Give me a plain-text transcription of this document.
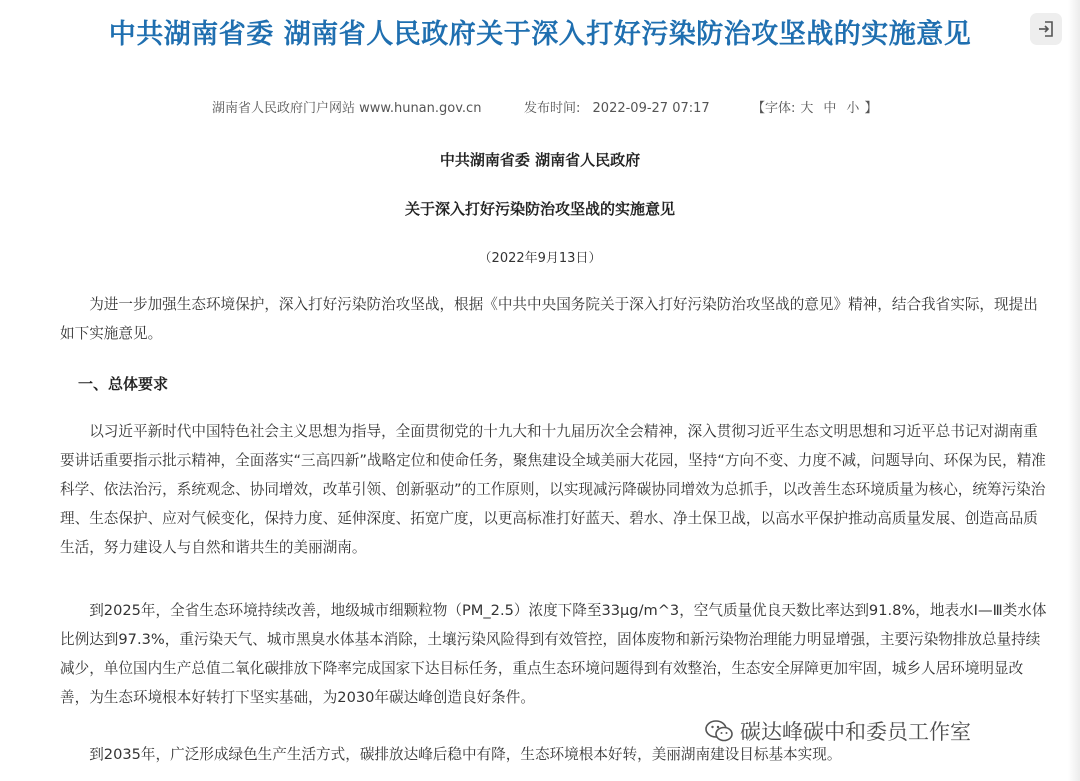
中共湖南省委 湖南省人民政府关于深入打好污染防治攻坚战的实施意见
湖南省人民政府门户网站 www.hunan.gov.cn	发布时间: 2022-09-27 07:17	【字体: 大 中 小 】
中共湖南省委 湖南省人民政府
关于深入打好污染防治攻坚战的实施意见
（2022年9月13日）

为进一步加强生态环境保护，深入打好污染防治攻坚战，根据《中共中央国务院关于深入打好污染防治攻坚战的意见》精神，结合我省实际，现提出如下实施意见。

一、总体要求

以习近平新时代中国特色社会主义思想为指导，全面贯彻党的十九大和十九届历次全会精神，深入贯彻习近平生态文明思想和习近平总书记对湖南重要讲话重要指示批示精神，全面落实“三高四新”战略定位和使命任务，聚焦建设全域美丽大花园，坚持“方向不变、力度不减，问题导向、环保为民，精准科学、依法治污，系统观念、协同增效，改革引领、创新驱动”的工作原则，以实现减污降碳协同增效为总抓手，以改善生态环境质量为核心，统筹污染治理、生态保护、应对气候变化，保持力度、延伸深度、拓宽广度，以更高标准打好蓝天、碧水、净土保卫战，以高水平保护推动高质量发展、创造高品质生活，努力建设人与自然和谐共生的美丽湖南。

到2025年，全省生态环境持续改善，地级城市细颗粒物（PM_2.5）浓度下降至33μg/m^3，空气质量优良天数比率达到91.8%，地表水Ⅰ—Ⅲ类水体比例达到97.3%，重污染天气、城市黑臭水体基本消除，土壤污染风险得到有效管控，固体废物和新污染物治理能力明显增强，主要污染物排放总量持续减少，单位国内生产总值二氧化碳排放下降率完成国家下达目标任务，重点生态环境问题得到有效整治，生态安全屏障更加牢固，城乡人居环境明显改善，为生态环境根本好转打下坚实基础，为2030年碳达峰创造良好条件。

到2035年，广泛形成绿色生产生活方式，碳排放达峰后稳中有降，生态环境根本好转，美丽湖南建设目标基本实现。

碳达峰碳中和委员工作室
